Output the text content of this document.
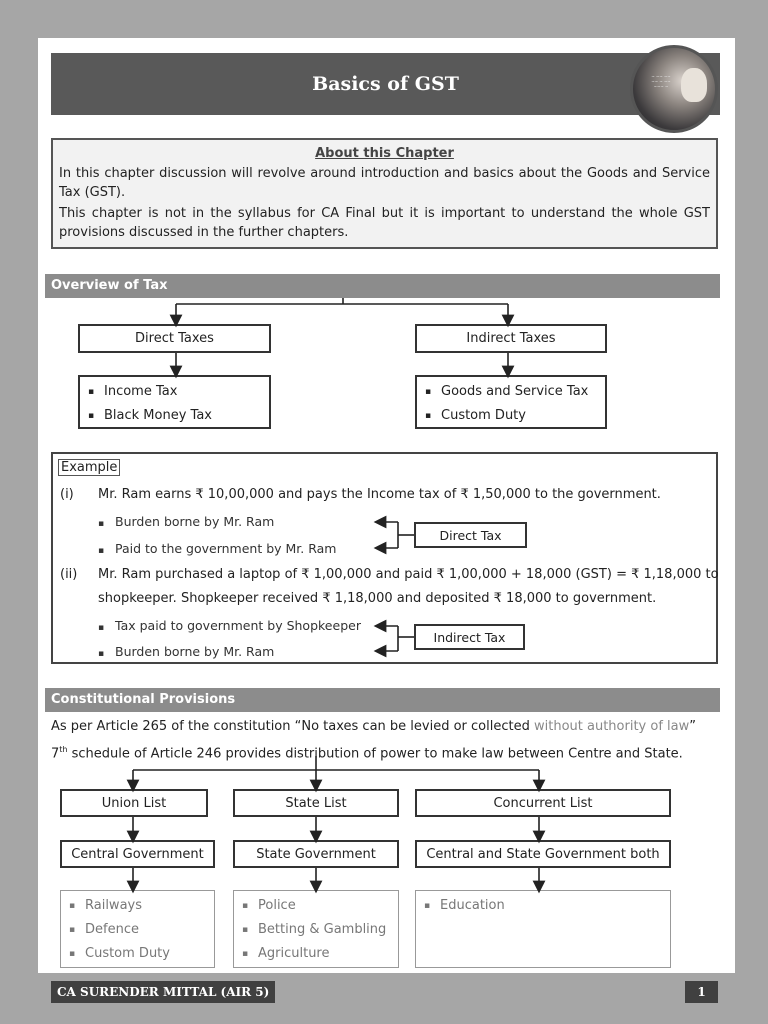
Basics of GST	~ ~~ ~~
~~ ~ ~~
~~~ ~
About this Chapter

In this chapter discussion will revolve around introduction and basics about the Goods and Service Tax (GST).

This chapter is not in the syllabus for CA Final but it is important to understand the whole GST provisions discussed in the further chapters.

Overview of Tax
Direct Taxes	Indirect Taxes
▪ Income Tax
▪ Black Money Tax
▪ Goods and Service Tax
▪ Custom Duty
Example
(i) Mr. Ram earns ₹ 10,00,000 and pays the Income tax of ₹ 1,50,000 to the government.
▪ Burden borne by Mr. Ram
▪ Paid to the government by Mr. Ram
Direct Tax
(ii) Mr. Ram purchased a laptop of ₹ 1,00,000 and paid ₹ 1,00,000 + 18,000 (GST) = ₹ 1,18,000 to
shopkeeper. Shopkeeper received ₹ 1,18,000 and deposited ₹ 18,000 to government.
▪ Tax paid to government by Shopkeeper
▪ Burden borne by Mr. Ram
Indirect Tax
Constitutional Provisions
As per Article 265 of the constitution “No taxes can be levied or collected without authority of law”
7th schedule of Article 246 provides distribution of power to make law between Centre and State.
Union List	State List	Concurrent List
Central Government	State Government	Central and State Government both
▪ Railways
▪ Defence
▪ Custom Duty
▪ Police
▪ Betting & Gambling
▪ Agriculture
▪ Education
CA SURENDER MITTAL (AIR 5)	1
